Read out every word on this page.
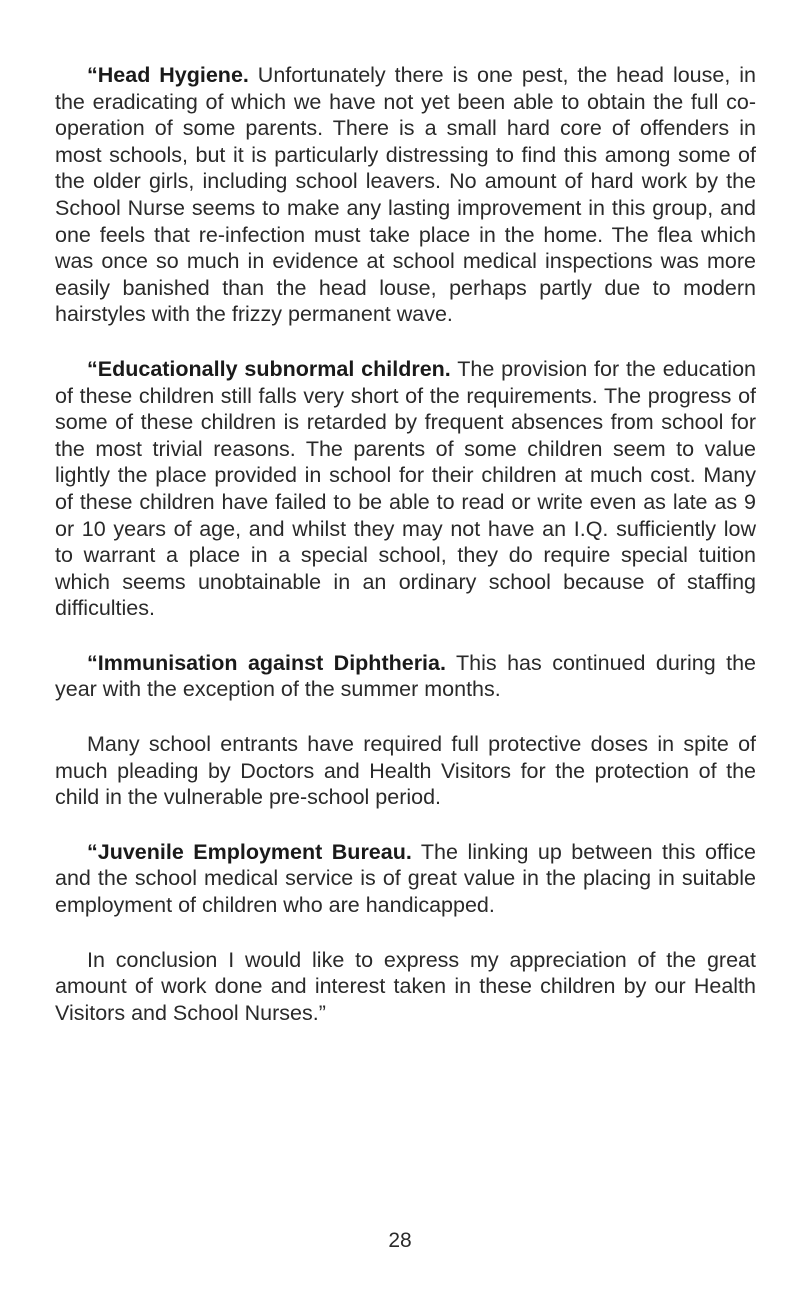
“Head Hygiene. Unfortunately there is one pest, the head louse, in the eradicating of which we have not yet been able to obtain the full co-operation of some parents. There is a small hard core of offenders in most schools, but it is particularly distressing to find this among some of the older girls, including school leavers. No amount of hard work by the School Nurse seems to make any lasting improvement in this group, and one feels that re-infection must take place in the home. The flea which was once so much in evidence at school medical inspections was more easily banished than the head louse, perhaps partly due to modern hairstyles with the frizzy permanent wave.

“Educationally subnormal children. The provision for the education of these children still falls very short of the requirements. The progress of some of these children is retarded by frequent absences from school for the most trivial reasons. The parents of some children seem to value lightly the place provided in school for their children at much cost. Many of these children have failed to be able to read or write even as late as 9 or 10 years of age, and whilst they may not have an I.Q. sufficiently low to warrant a place in a special school, they do require special tuition which seems unobtainable in an ordinary school because of staffing difficulties.

“Immunisation against Diphtheria. This has continued during the year with the exception of the summer months.

Many school entrants have required full protective doses in spite of much pleading by Doctors and Health Visitors for the protection of the child in the vulnerable pre-school period.

“Juvenile Employment Bureau. The linking up between this office and the school medical service is of great value in the placing in suitable employment of children who are handicapped.

In conclusion I would like to express my appreciation of the great amount of work done and interest taken in these children by our Health Visitors and School Nurses.”

28
